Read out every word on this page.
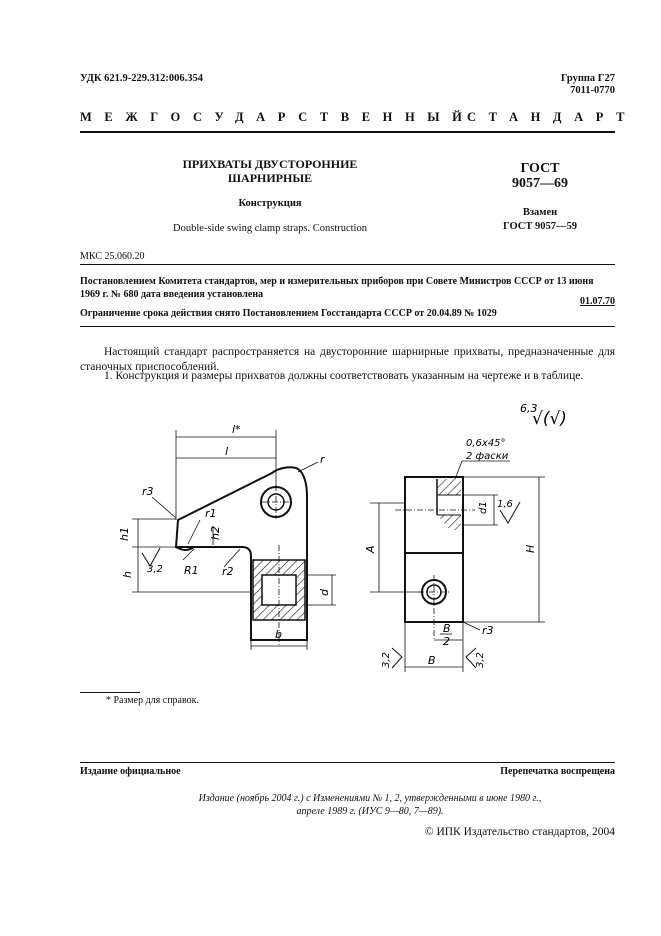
УДК 621.9-229.312:006.354	Группа Г27
7011-0770
МЕЖГОСУДАРСТВЕННЫЙ
СТАНДАРТ
ПРИХВАТЫ ДВУСТОРОННИЕ
ШАРНИРНЫЕ
Конструкция
Double-side swing clamp straps. Construction
ГОСТ
9057—69
Взамен
ГОСТ 9057—59
МКС 25.060.20
Постановлением Комитета стандартов, мер и измерительных приборов при Совете Министров СССР от 13 июня 1969 г. № 680 дата введения установлена
01.07.70
Ограничение срока действия снято Постановлением Госстандарта СССР от 20.04.89 № 1029
Настоящий стандарт распространяется на двусторонние шарнирные прихваты, предназначенные для станочных приспособлений.
1. Конструкция и размеры прихватов должны соответствовать указанным на чертеже и в таблице.
6,3
√(√)
l*
l
r
r3
r1
h1	h2
h 3,2 R1 r2
d
b
0,6x45°
2 фаски
d1 1,6
A	H
B
2
r3
B
3,2	3,2
* Размер для справок.
Издание официальное	Перепечатка воспрещена
Издание (ноябрь 2004 г.) с Изменениями № 1, 2, утвержденными в июне 1980 г.,
апреле 1989 г. (ИУС 9—80, 7—89).
© ИПК Издательство стандартов, 2004
